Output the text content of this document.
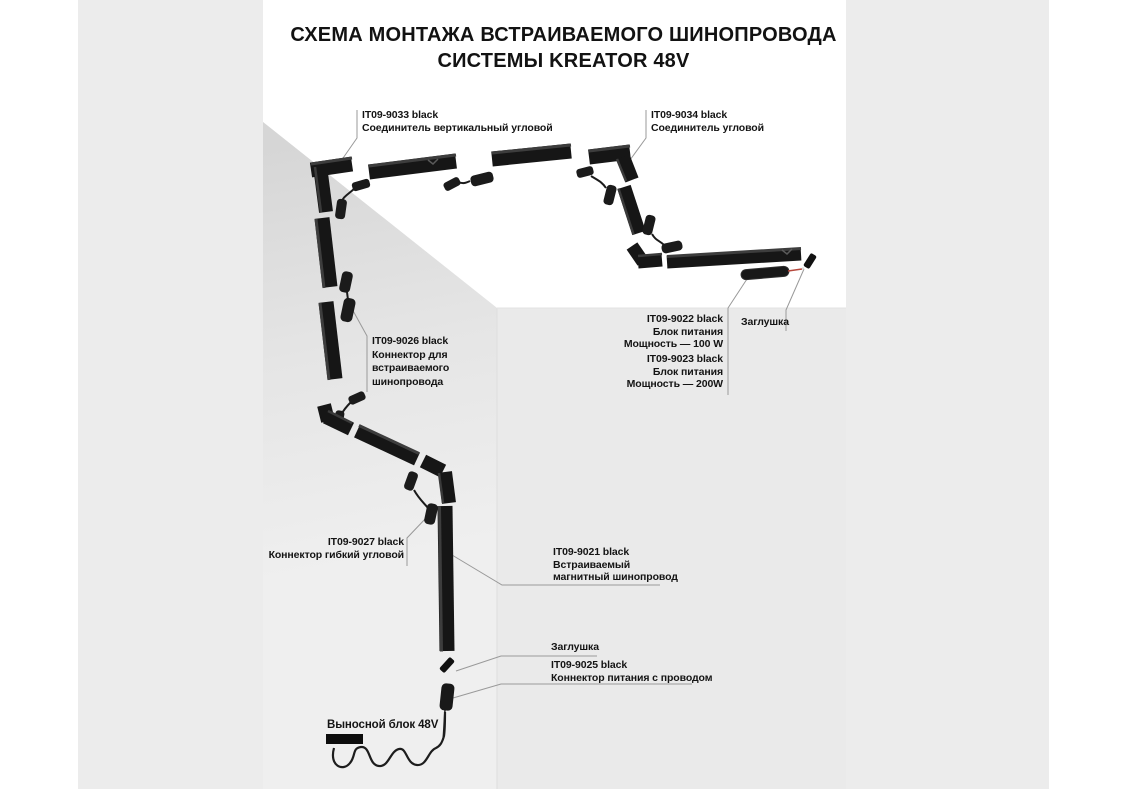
СХЕМА МОНТАЖА ВСТРАИВАЕМОГО ШИНОПРОВОДА
СИСТЕМЫ KREATOR 48V
IT09-9033 black
Соединитель вертикальный угловой
IT09-9034 black
Соединитель угловой
IT09-9026 black
Коннектор для
встраиваемого
шинопровода
IT09-9022 black
Блок питания
Мощность — 100 W
IT09-9023 black
Блок питания
Мощность — 200W
Заглушка
IT09-9027 black
Коннектор гибкий угловой	IT09-9021 black
Встраиваемый
магнитный шинопровод
Заглушка
IT09-9025 black
Коннектор питания с проводом
Выносной блок 48V
